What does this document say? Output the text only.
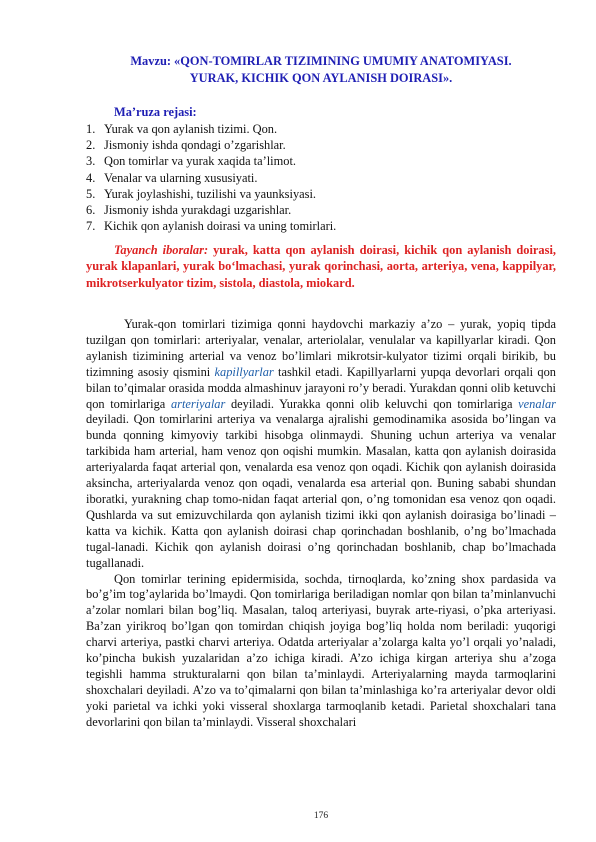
Mavzu: «QON-TOMIRLAR TIZIMINING UMUMIY ANATOMIYASI.
YURAK, KICHIK QON AYLANISH DOIRASI».
Ma’ruza rejasi:
1. Yurak va qon aylanish tizimi. Qon.
2. Jismoniy ishda qondagi o’zgarishlar.
3. Qon tomirlar va yurak xaqida ta’limot.
4. Venalar va ularning xususiyati.
5. Yurak joylashishi, tuzilishi va yaunksiyasi.
6. Jismoniy ishda yurakdagi uzgarishlar.
7. Kichik qon aylanish doirasi va uning tomirlari.
Tayanch iboralar: yurak, katta qon aylanish doirasi, kichik qon aylanish doirasi, yurak klapanlari, yurak bo‘lmachasi, yurak qorinchasi, aorta, arteriya, vena, kappilyar, mikrotserkulyator tizim, sistola, diastola, miokard.

Yurak-qon tomirlari tizimiga qonni haydovchi markaziy a’zo – yurak, yopiq tipda tuzilgan qon tomirlari: arteriyalar, venalar, arteriolalar, venulalar va kapillyarlar kiradi. Qon aylanish tizimining arterial va venoz bo’limlari mikrotsir-kulyator tizimi orqali birikib, bu tizimning asosiy qismini kapillyarlar tashkil etadi. Kapillyarlarni yupqa devorlari orqali qon bilan to’qimalar orasida modda almashinuv jarayoni ro’y beradi. Yurakdan qonni olib ketuvchi qon tomirlariga arteriyalar deyiladi. Yurakka qonni olib keluvchi qon tomirlariga venalar deyiladi. Qon tomirlarini arteriya va venalarga ajralishi gemodinamika asosida bo’lingan va bunda qonning kimyoviy tarkibi hisobga olinmaydi. Shuning uchun arteriya va venalar tarkibida ham arterial, ham venoz qon oqishi mumkin. Masalan, katta qon aylanish doirasida arteriyalarda faqat arterial qon, venalarda esa venoz qon oqadi. Kichik qon aylanish doirasida aksincha, arteriyalarda venoz qon oqadi, venalarda esa arterial qon. Buning sababi shundan iboratki, yurakning chap tomo-nidan faqat arterial qon, o’ng tomonidan esa venoz qon oqadi. Qushlarda va sut emizuvchilarda qon aylanish tizimi ikki qon aylanish doirasiga bo’linadi – katta va kichik. Katta qon aylanish doirasi chap qorinchadan boshlanib, o’ng bo’lmachada tugal-lanadi. Kichik qon aylanish doirasi o’ng qorinchadan boshlanib, chap bo’lmachada tugallanadi.

Qon tomirlar terining epidermisida, sochda, tirnoqlarda, ko’zning shox pardasida va bo’g’im tog’aylarida bo’lmaydi. Qon tomirlariga beriladigan nomlar qon bilan ta’minlanvuchi a’zolar nomlari bilan bog’liq. Masalan, taloq arteriyasi, buyrak arte-riyasi, o’pka arteriyasi. Ba’zan yirikroq bo’lgan qon tomirdan chiqish joyiga bog’liq holda nom beriladi: yuqorigi charvi arteriya, pastki charvi arteriya. Odatda arteriyalar a’zolarga kalta yo’l orqali yo’naladi, ko’pincha bukish yuzalaridan a’zo ichiga kiradi. A’zo ichiga kirgan arteriya shu a’zoga tegishli hamma strukturalarni qon bilan ta’minlaydi. Arteriyalarning mayda tarmoqlarini shoxchalari deyiladi. A’zo va to’qimalarni qon bilan ta’minlashiga ko’ra arteriyalar devor oldi yoki parietal va ichki yoki visseral shoxlarga tarmoqlanib ketadi. Parietal shoxchalari tana devorlarini qon bilan ta’minlaydi. Visseral shoxchalari

176
